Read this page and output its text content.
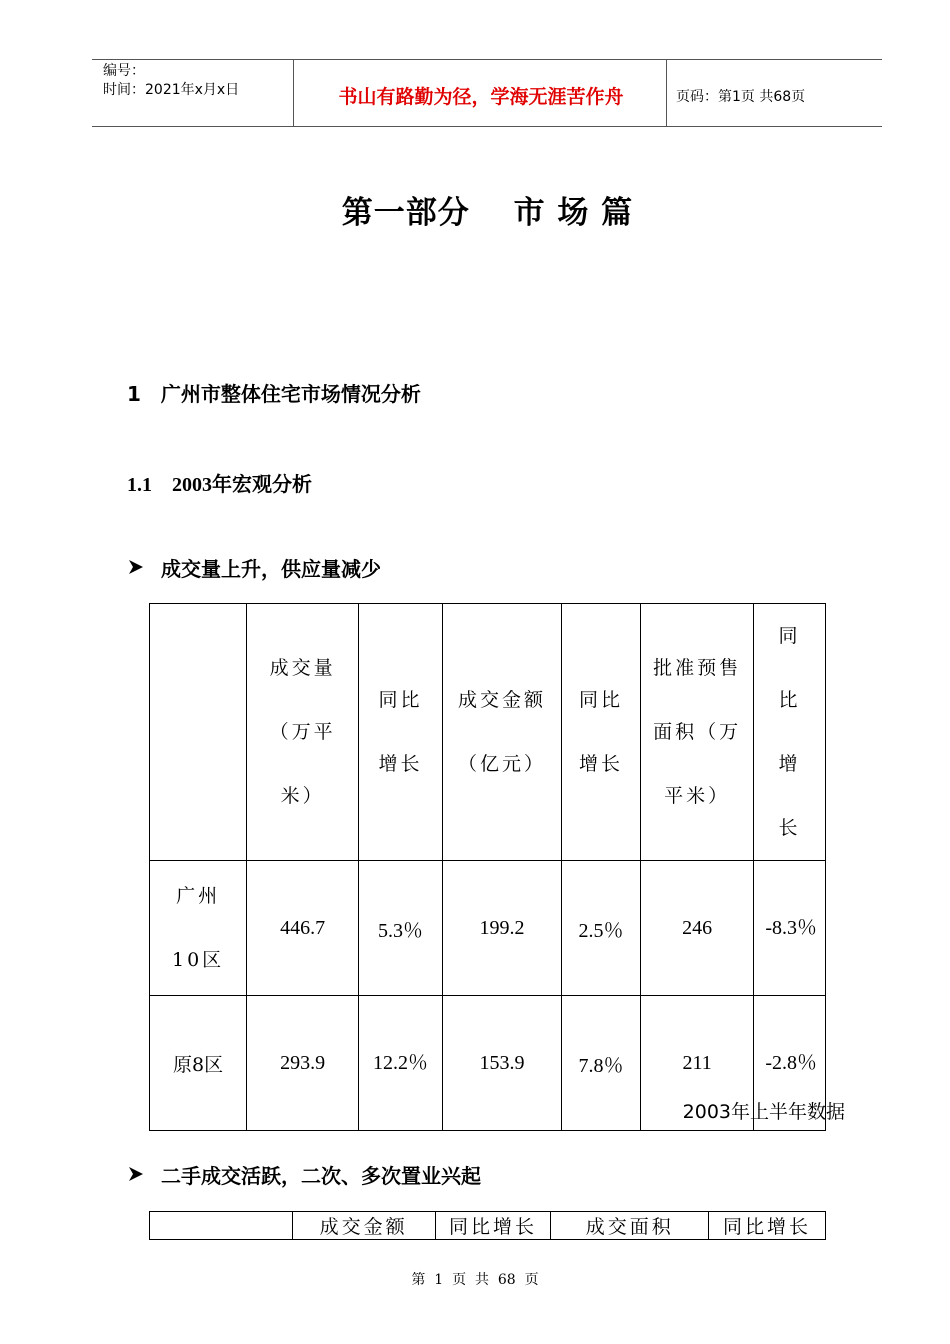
编号：
时间：2021年x月x日	书山有路勤为径，学海无涯苦作舟	页码：第1页 共68页
第一部分　 市 场 篇
1　广州市整体住宅市场情况分析
1.1　2003年宏观分析
成交量上升，供应量减少

	成交量（万平米）	同比增长	成交金额（亿元）	同比增长	批准预售面积（万平米）	同比增长

广州10区	446.7	5.3％	199.2	2.5％	246	-8.3％

原8区	293.9	12.2％	153.9	7.8％	211	-2.8％
2003年上半年数据
二手成交活跃，二次、多次置业兴起
	成交金额	同比增长	成交面积	同比增长
第  1  页  共  68  页
